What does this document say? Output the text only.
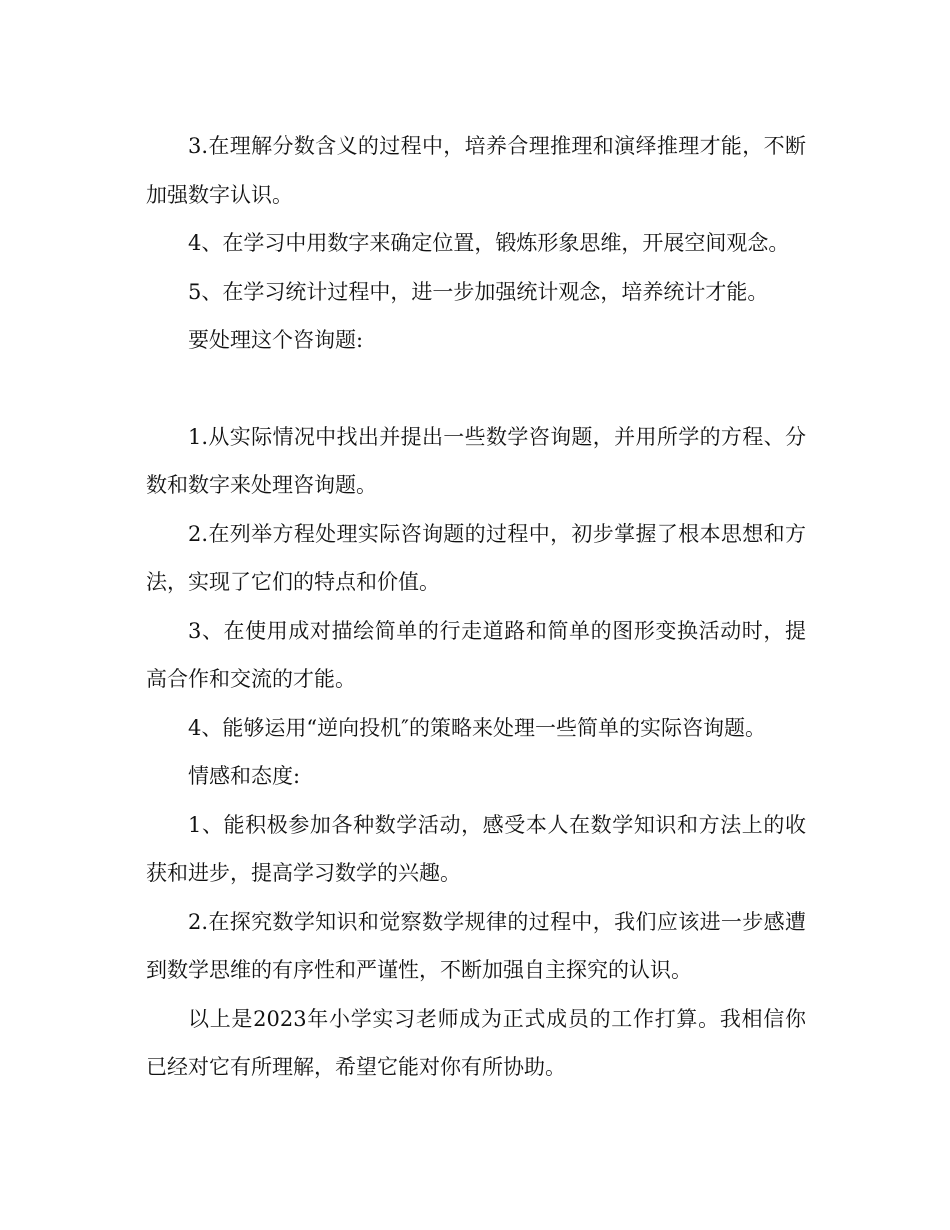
3.在理解分数含义的过程中，培养合理推理和演绎推理才能，不断加强数字认识。

4、在学习中用数字来确定位置，锻炼形象思维，开展空间观念。

5、在学习统计过程中，进一步加强统计观念，培养统计才能。

要处理这个咨询题:

1.从实际情况中找出并提出一些数学咨询题，并用所学的方程、分数和数字来处理咨询题。

2.在列举方程处理实际咨询题的过程中，初步掌握了根本思想和方法，实现了它们的特点和价值。

3、在使用成对描绘简单的行走道路和简单的图形变换活动时，提高合作和交流的才能。

4、能够运用“逆向投机″的策略来处理一些简单的实际咨询题。

情感和态度:

1、能积极参加各种数学活动，感受本人在数学知识和方法上的收获和进步，提高学习数学的兴趣。

2.在探究数学知识和觉察数学规律的过程中，我们应该进一步感遭到数学思维的有序性和严谨性，不断加强自主探究的认识。

以上是2023年小学实习老师成为正式成员的工作打算。我相信你已经对它有所理解，希望它能对你有所协助。
